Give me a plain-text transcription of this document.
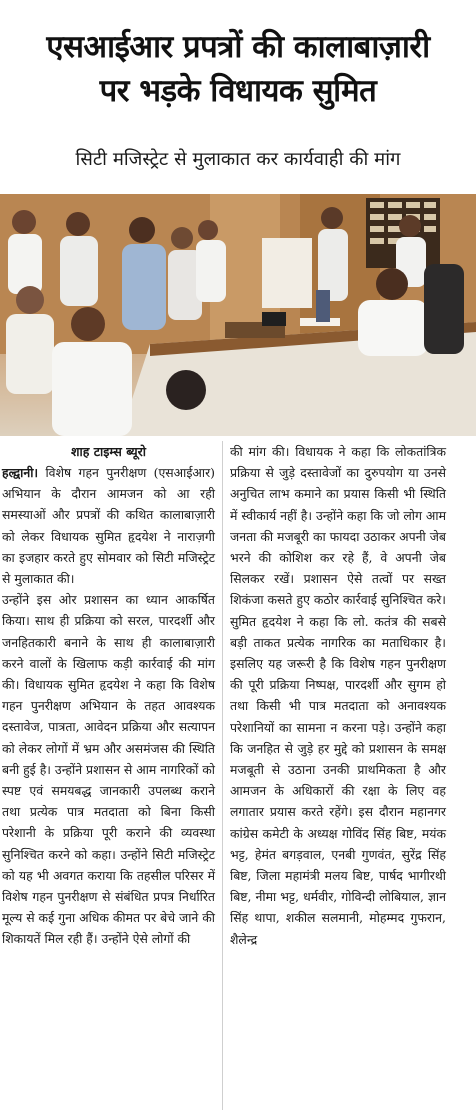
एसआईआर प्रपत्रों की कालाबाज़ारी
पर भड़के विधायक सुमित
सिटी मजिस्ट्रेट से मुलाकात कर कार्यवाही की मांग
शाह टाइम्स ब्यूरो

हल्द्वानी। विशेष गहन पुनरीक्षण (एसआईआर) अभियान के दौरान आमजन को आ रही समस्याओं और प्रपत्रों की कथित कालाबाज़ारी को लेकर विधायक सुमित हृदयेश ने नाराज़गी का इजहार करते हुए सोमवार को सिटी मजिस्ट्रेट से मुलाकात की।

उन्होंने इस ओर प्रशासन का ध्यान आकर्षित किया। साथ ही प्रक्रिया को सरल, पारदर्शी और जनहितकारी बनाने के साथ ही कालाबाज़ारी करने वालों के खिलाफ कड़ी कार्रवाई की मांग की। विधायक सुमित हृदयेश ने कहा कि विशेष गहन पुनरीक्षण अभियान के तहत आवश्यक दस्तावेज, पात्रता, आवेदन प्रक्रिया और सत्यापन को लेकर लोगों में भ्रम और असमंजस की स्थिति बनी हुई है। उन्होंने प्रशासन से आम नागरिकों को स्पष्ट एवं समयबद्ध जानकारी उपलब्ध कराने तथा प्रत्येक पात्र मतदाता को बिना किसी परेशानी के प्रक्रिया पूरी कराने की व्यवस्था सुनिश्चित करने को कहा। उन्होंने सिटी मजिस्ट्रेट को यह भी अवगत कराया कि तहसील परिसर में विशेष गहन पुनरीक्षण से संबंधित प्रपत्र निर्धारित मूल्य से कई गुना अधिक कीमत पर बेचे जाने की शिकायतें मिल रही हैं। उन्होंने ऐसे लोगों की

की मांग की। विधायक ने कहा कि लोकतांत्रिक प्रक्रिया से जुड़े दस्तावेजों का दुरुपयोग या उनसे अनुचित लाभ कमाने का प्रयास किसी भी स्थिति में स्वीकार्य नहीं है। उन्होंने कहा कि जो लोग आम जनता की मजबूरी का फायदा उठाकर अपनी जेब भरने की कोशिश कर रहे हैं, वे अपनी जेब सिलकर रखें। प्रशासन ऐसे तत्वों पर सख्त शिकंजा कसते हुए कठोर कार्रवाई सुनिश्चित करे। सुमित हृदयेश ने कहा कि लो. कतंत्र की सबसे बड़ी ताकत प्रत्येक नागरिक का मताधिकार है। इसलिए यह जरूरी है कि विशेष गहन पुनरीक्षण की पूरी प्रक्रिया निष्पक्ष, पारदर्शी और सुगम हो तथा किसी भी पात्र मतदाता को अनावश्यक परेशानियों का सामना न करना पड़े। उन्होंने कहा कि जनहित से जुड़े हर मुद्दे को प्रशासन के समक्ष मजबूती से उठाना उनकी प्राथमिकता है और आमजन के अधिकारों की रक्षा के लिए वह लगातार प्रयास करते रहेंगे। इस दौरान महानगर कांग्रेस कमेटी के अध्यक्ष गोविंद सिंह बिष्ट, मयंक भट्ट, हेमंत बगड़वाल, एनबी गुणवंत, सुरेंद्र सिंह बिष्ट, जिला महामंत्री मलय बिष्ट, पार्षद भागीरथी बिष्ट, नीमा भट्ट, धर्मवीर, गोविन्दी लोबियाल, ज्ञान सिंह थापा, शकील सलमानी, मोहम्मद गुफरान, शैलेन्द्र
